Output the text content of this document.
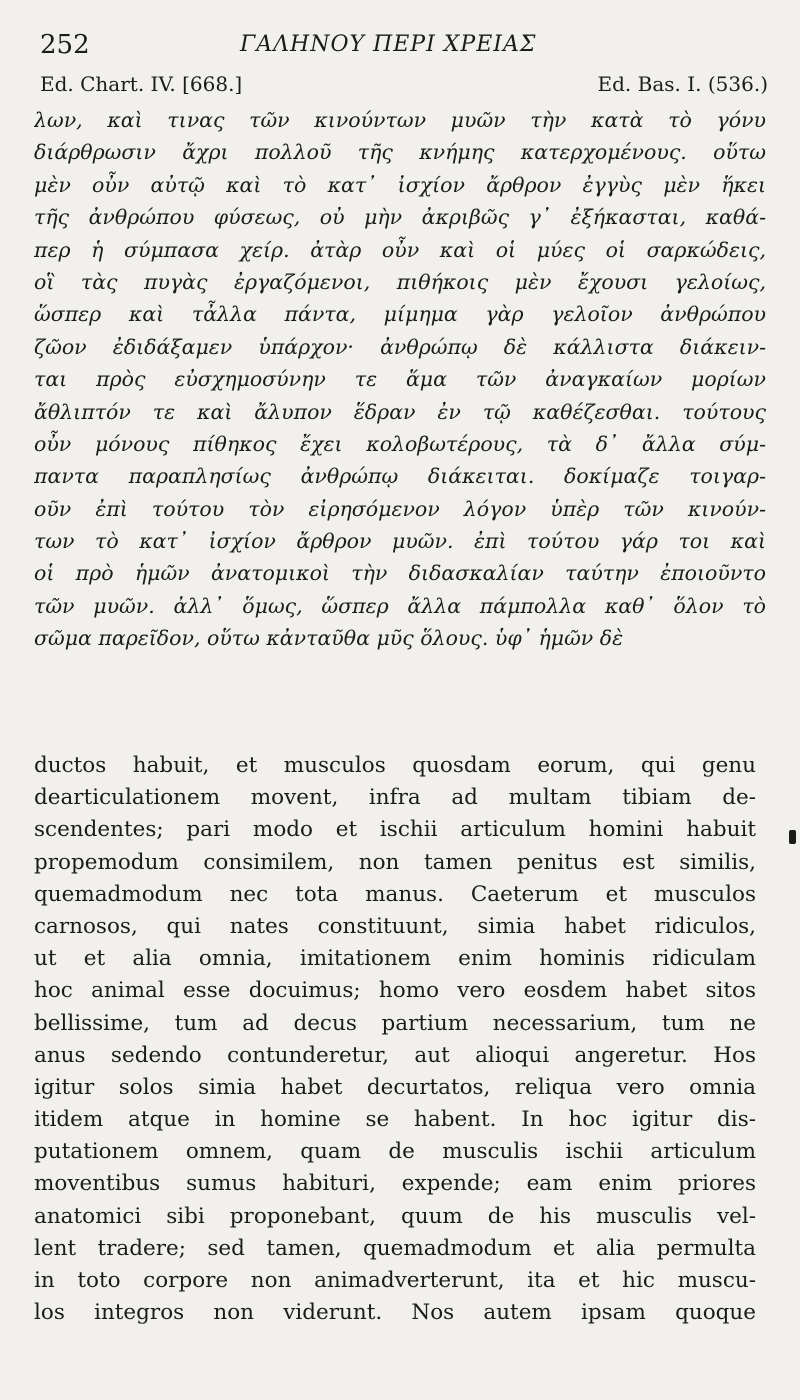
252	ΓΑΛΗΝΟΥ ΠΕΡΙ ΧΡΕΙΑΣ
Ed. Chart. IV. [668.]	Ed. Bas. I. (536.)
λων, καὶ τινας τῶν κινούντων μυῶν τὴν κατὰ τὸ γόνυ
διάρθρωσιν ἄχρι πολλοῦ τῆς κνήμης κατερχομένους. οὕτω
μὲν οὖν αὐτῷ καὶ τὸ κατ᾽ ἰσχίον ἄρθρον ἐγγὺς μὲν ἥκει
τῆς ἀνθρώπου φύσεως, οὐ μὴν ἀκριβῶς γ᾽ ἐξήκασται, καθά-
περ ἡ σύμπασα χείρ. ἀτὰρ οὖν καὶ οἱ μύες οἱ σαρκώδεις,
οἳ τὰς πυγὰς ἐργαζόμενοι, πιθήκοις μὲν ἔχουσι γελοίως,
ὥσπερ καὶ τἆλλα πάντα, μίμημα γὰρ γελοῖον ἀνθρώπου
ζῶον ἐδιδάξαμεν ὑπάρχον· ἀνθρώπῳ δὲ κάλλιστα διάκειν-
ται πρὸς εὐσχημοσύνην τε ἅμα τῶν ἀναγκαίων μορίων
ἄθλιπτόν τε καὶ ἄλυπον ἕδραν ἐν τῷ καθέζεσθαι. τούτους
οὖν μόνους πίθηκος ἔχει κολοβωτέρους, τὰ δ᾽ ἄλλα σύμ-
παντα παραπλησίως ἀνθρώπῳ διάκειται. δοκίμαζε τοιγαρ-
οῦν ἐπὶ τούτου τὸν εἰρησόμενον λόγον ὑπὲρ τῶν κινούν-
των τὸ κατ᾽ ἰσχίον ἄρθρον μυῶν. ἐπὶ τούτου γάρ τοι καὶ
οἱ πρὸ ἡμῶν ἀνατομικοὶ τὴν διδασκαλίαν ταύτην ἐποιοῦντο
τῶν μυῶν. ἀλλ᾽ ὅμως, ὥσπερ ἄλλα πάμπολλα καθ᾽ ὅλον τὸ
σῶμα παρεῖδον, οὕτω κἀνταῦθα μῦς ὅλους. ὑφ᾽ ἡμῶν δὲ
ductos habuit, et musculos quosdam eorum, qui genu
dearticulationem movent, infra ad multam tibiam de-
scendentes; pari modo et ischii articulum homini habuit
propemodum consimilem, non tamen penitus est similis,
quemadmodum nec tota manus. Caeterum et musculos
carnosos, qui nates constituunt, simia habet ridiculos,
ut et alia omnia, imitationem enim hominis ridiculam
hoc animal esse docuimus; homo vero eosdem habet sitos
bellissime, tum ad decus partium necessarium, tum ne
anus sedendo contunderetur, aut alioqui angeretur. Hos
igitur solos simia habet decurtatos, reliqua vero omnia
itidem atque in homine se habent. In hoc igitur dis-
putationem omnem, quam de musculis ischii articulum
moventibus sumus habituri, expende; eam enim priores
anatomici sibi proponebant, quum de his musculis vel-
lent tradere; sed tamen, quemadmodum et alia permulta
in toto corpore non animadverterunt, ita et hic muscu-
los integros non viderunt. Nos autem ipsam quoque
